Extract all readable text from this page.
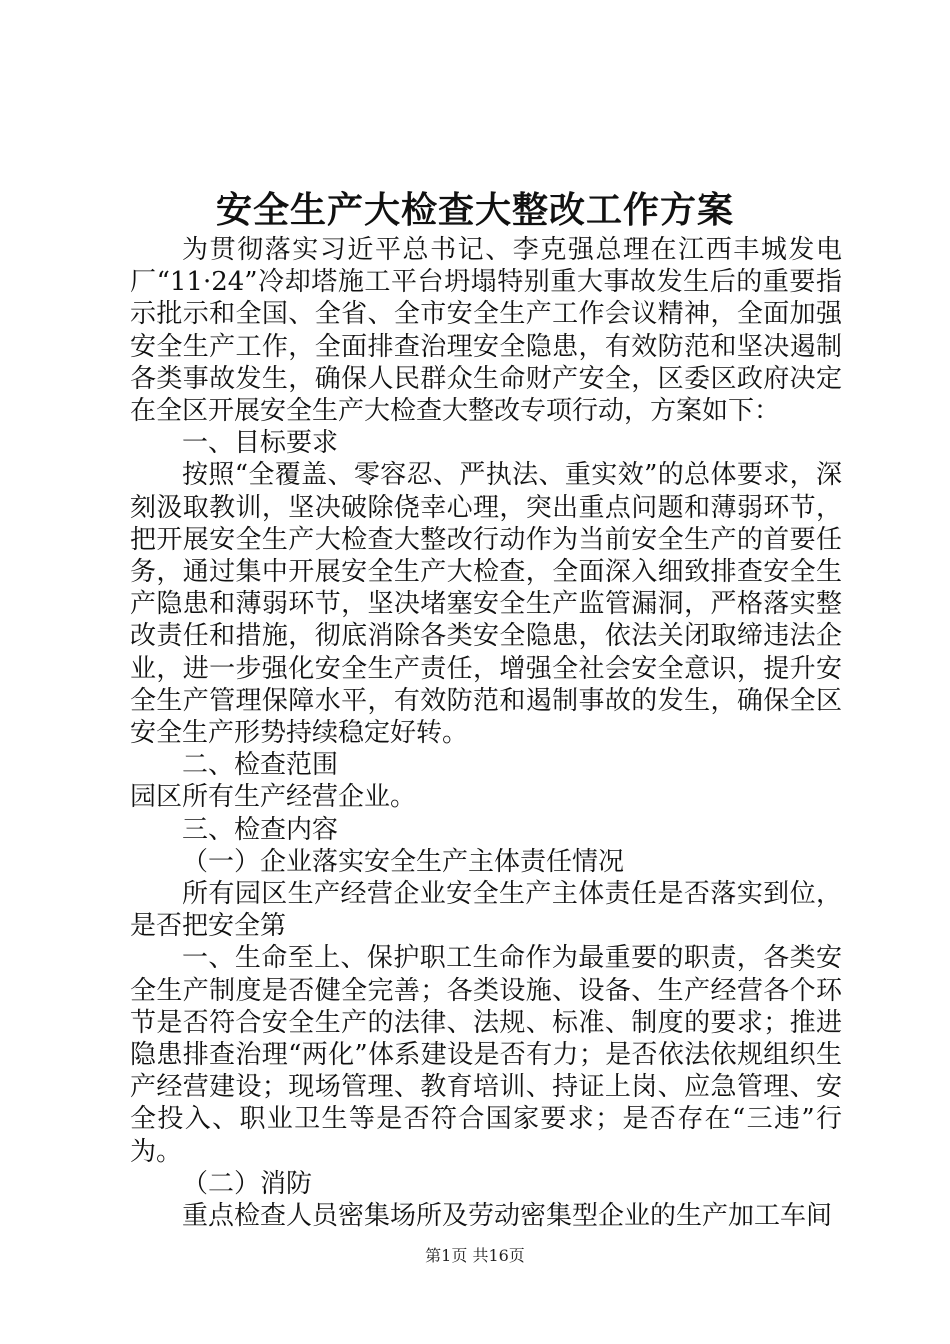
安全生产大检查大整改工作方案

为贯彻落实习近平总书记、李克强总理在江西丰城发电厂“11·24”冷却塔施工平台坍塌特别重大事故发生后的重要指示批示和全国、全省、全市安全生产工作会议精神，全面加强安全生产工作，全面排查治理安全隐患，有效防范和坚决遏制各类事故发生，确保人民群众生命财产安全，区委区政府决定在全区开展安全生产大检查大整改专项行动，方案如下：

一、目标要求

按照“全覆盖、零容忍、严执法、重实效”的总体要求，深刻汲取教训，坚决破除侥幸心理，突出重点问题和薄弱环节，把开展安全生产大检查大整改行动作为当前安全生产的首要任务，通过集中开展安全生产大检查，全面深入细致排查安全生产隐患和薄弱环节，坚决堵塞安全生产监管漏洞，严格落实整改责任和措施，彻底消除各类安全隐患，依法关闭取缔违法企业，进一步强化安全生产责任，增强全社会安全意识，提升安全生产管理保障水平，有效防范和遏制事故的发生，确保全区安全生产形势持续稳定好转。

二、检查范围

园区所有生产经营企业。

三、检查内容

（一）企业落实安全生产主体责任情况

所有园区生产经营企业安全生产主体责任是否落实到位，是否把安全第

一、生命至上、保护职工生命作为最重要的职责，各类安全生产制度是否健全完善；各类设施、设备、生产经营各个环节是否符合安全生产的法律、法规、标准、制度的要求；推进隐患排查治理“两化”体系建设是否有力；是否依法依规组织生产经营建设；现场管理、教育培训、持证上岗、应急管理、安全投入、职业卫生等是否符合国家要求；是否存在“三违”行为。

（二）消防

重点检查人员密集场所及劳动密集型企业的生产加工车间

第1页 共16页
